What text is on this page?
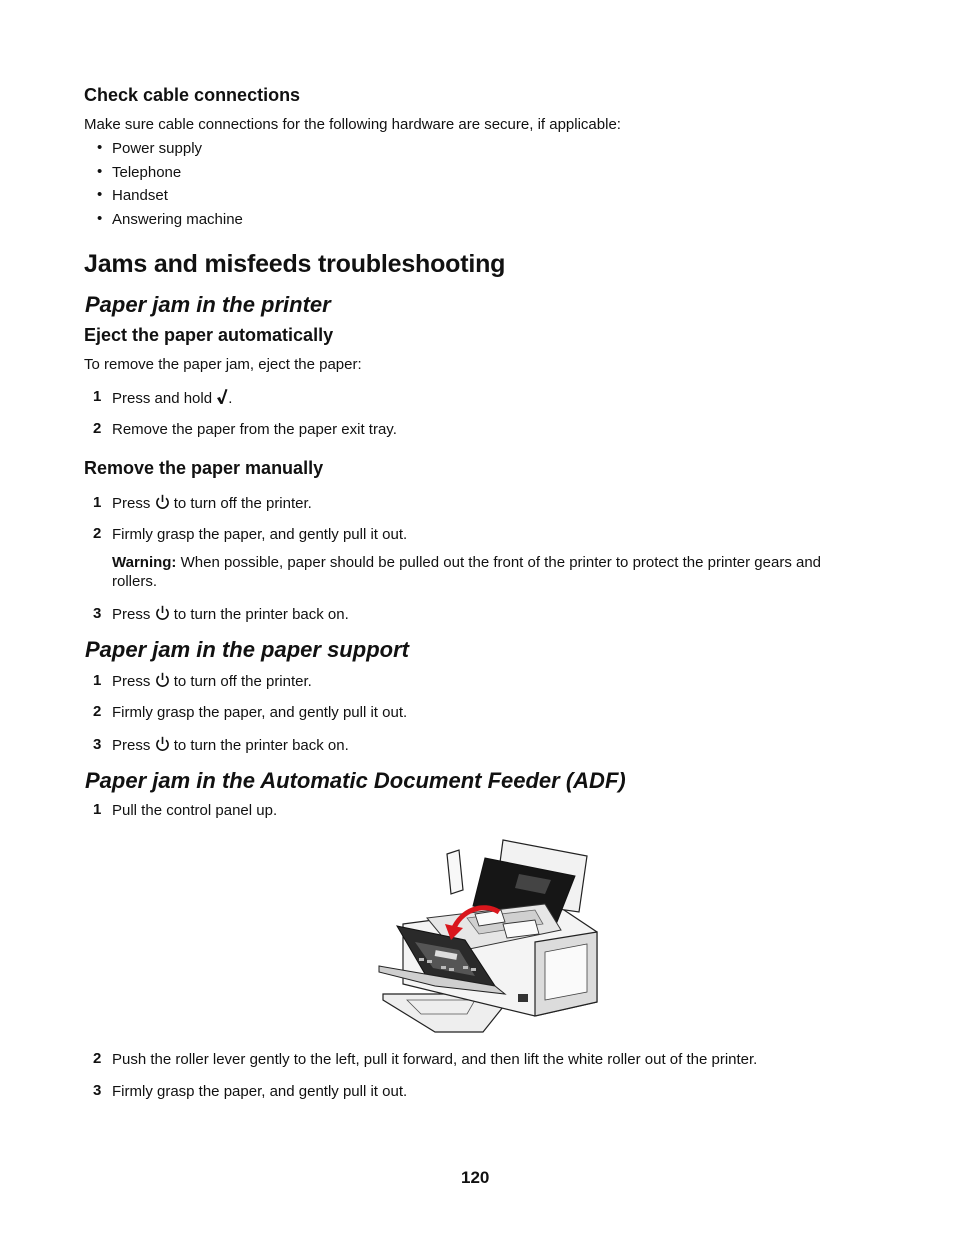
Check cable connections

Make sure cable connections for the following hardware are secure, if applicable:

• Power supply

• Telephone

• Handset

• Answering machine

Jams and misfeeds troubleshooting

Paper jam in the printer

Eject the paper automatically

To remove the paper jam, eject the paper:

1 Press and hold .

2 Remove the paper from the paper exit tray.

Remove the paper manually

1 Press to turn off the printer.

2 Firmly grasp the paper, and gently pull it out.

Warning: When possible, paper should be pulled out the front of the printer to protect the printer gears and rollers.

3 Press to turn the printer back on.

Paper jam in the paper support

1 Press to turn off the printer.

2 Firmly grasp the paper, and gently pull it out.

3 Press to turn the printer back on.

Paper jam in the Automatic Document Feeder (ADF)

1 Pull the control panel up.

2 Push the roller lever gently to the left, pull it forward, and then lift the white roller out of the printer.

3 Firmly grasp the paper, and gently pull it out.

120
